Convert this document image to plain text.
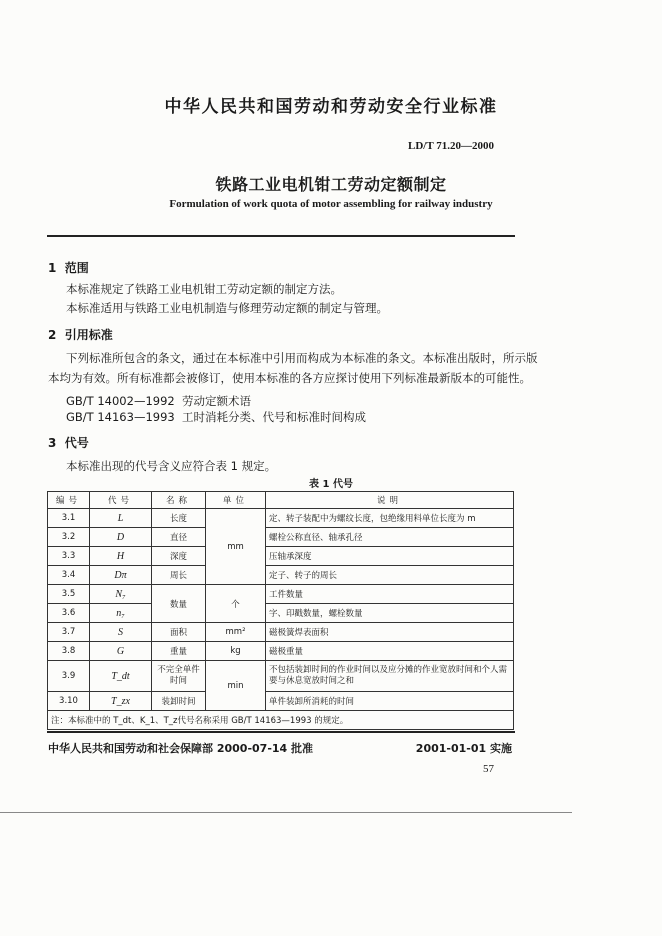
中华人民共和国劳动和劳动安全行业标准
LD/T 71.20—2000
铁路工业电机钳工劳动定额制定
Formulation of work quota of motor assembling for railway industry
1 范围
本标准规定了铁路工业电机钳工劳动定额的制定方法。
本标准适用与铁路工业电机制造与修理劳动定额的制定与管理。
2 引用标准
下列标准所包含的条文，通过在本标准中引用而构成为本标准的条文。本标准出版时，所示版
本均为有效。所有标准都会被修订，使用本标准的各方应探讨使用下列标准最新版本的可能性。
GB/T 14002—1992 劳动定额术语
GB/T 14163—1993 工时消耗分类、代号和标准时间构成
3 代号
本标准出现的代号含义应符合表 1 规定。
表 1 代号
编号	代号	名称	单位	说明
3.1	L	长度	mm	定、转子装配中为螺纹长度，包绝缘用料单位长度为 m
3.2	D	直径		螺栓公称直径、轴承孔径
3.3	H	深度		压轴承深度
3.4	Dπ	周长		定子、转子的周长
3.5	N₇	数量	个	工件数量
3.6	n₇			字、印戳数量，螺栓数量
3.7	S	面积	mm²	磁极簧焊表面积
3.8	G	重量	kg	磁极重量
3.9	T_dt	不完全单件时间	min	不包括装卸时间的作业时间以及应分摊的作业宽放时间和个人需要与休息宽放时间之和
3.10	T_zx	装卸时间		单件装卸所消耗的时间
注：本标准中的 T_dt、K_1、T_z代号名称采用 GB/T 14163—1993 的规定。				
中华人民共和国劳动和社会保障部 2000-07-14 批准	2001-01-01 实施
57
